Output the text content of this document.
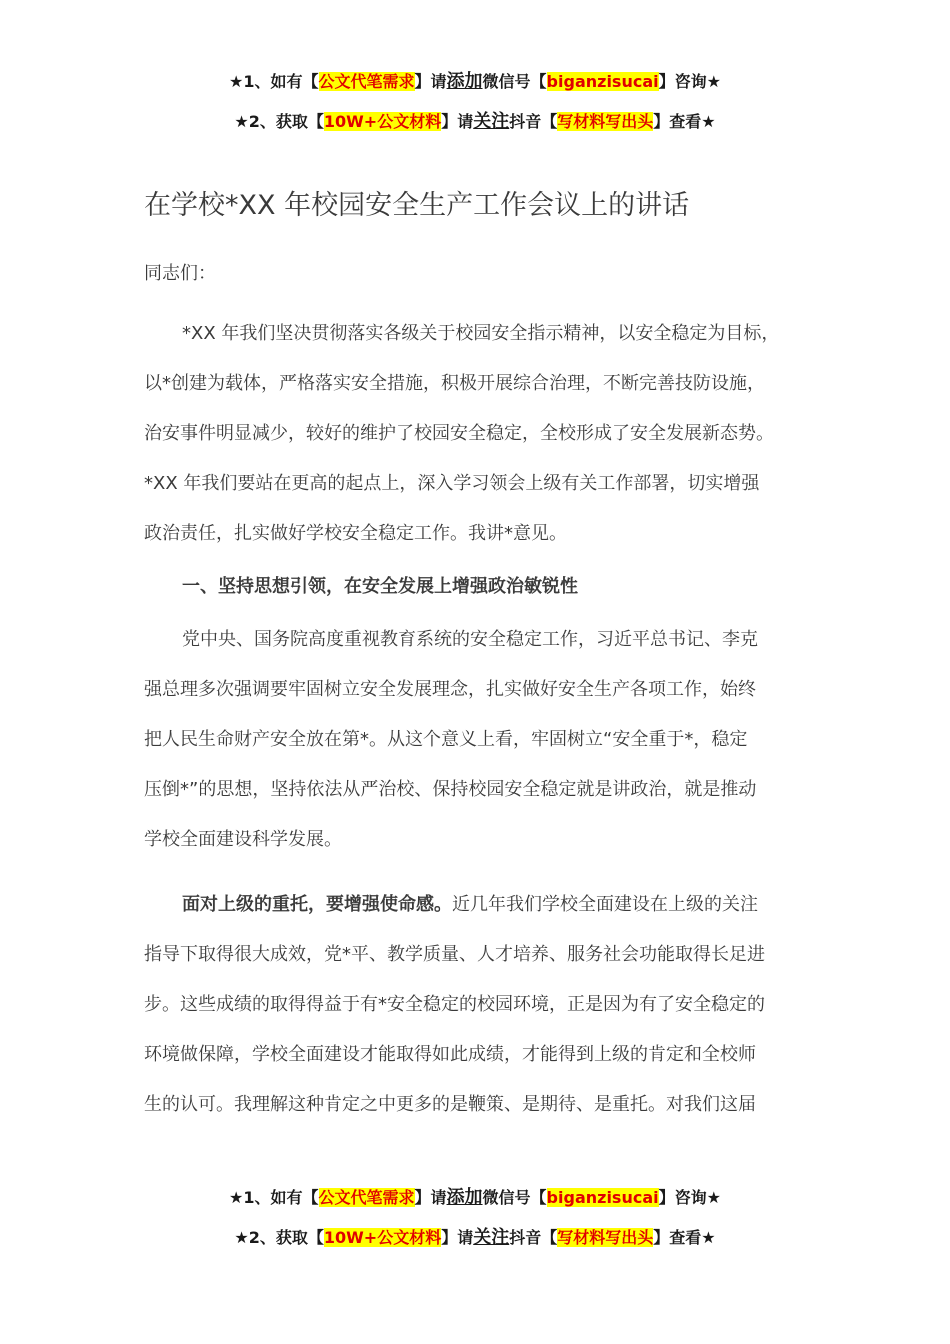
★1、如有【公文代笔需求】请添加微信号【biganzisucai】咨询★
★2、获取【10W+公文材料】请关注抖音【写材料写出头】查看★
在学校*XX 年校园安全生产工作会议上的讲话
同志们：
*XX 年我们坚决贯彻落实各级关于校园安全指示精神，以安全稳定为目标，
以*创建为载体，严格落实安全措施，积极开展综合治理，不断完善技防设施，
治安事件明显减少，较好的维护了校园安全稳定，全校形成了安全发展新态势。
*XX 年我们要站在更高的起点上，深入学习领会上级有关工作部署，切实增强
政治责任，扎实做好学校安全稳定工作。我讲*意见。
一、坚持思想引领，在安全发展上增强政治敏锐性
党中央、国务院高度重视教育系统的安全稳定工作，习近平总书记、李克
强总理多次强调要牢固树立安全发展理念，扎实做好安全生产各项工作，始终
把人民生命财产安全放在第*。从这个意义上看，牢固树立“安全重于*，稳定
压倒*”的思想，坚持依法从严治校、保持校园安全稳定就是讲政治，就是推动
学校全面建设科学发展。
面对上级的重托，要增强使命感。近几年我们学校全面建设在上级的关注
指导下取得很大成效，党*平、教学质量、人才培养、服务社会功能取得长足进
步。这些成绩的取得得益于有*安全稳定的校园环境，正是因为有了安全稳定的
环境做保障，学校全面建设才能取得如此成绩，才能得到上级的肯定和全校师
生的认可。我理解这种肯定之中更多的是鞭策、是期待、是重托。对我们这届
★1、如有【公文代笔需求】请添加微信号【biganzisucai】咨询★
★2、获取【10W+公文材料】请关注抖音【写材料写出头】查看★
